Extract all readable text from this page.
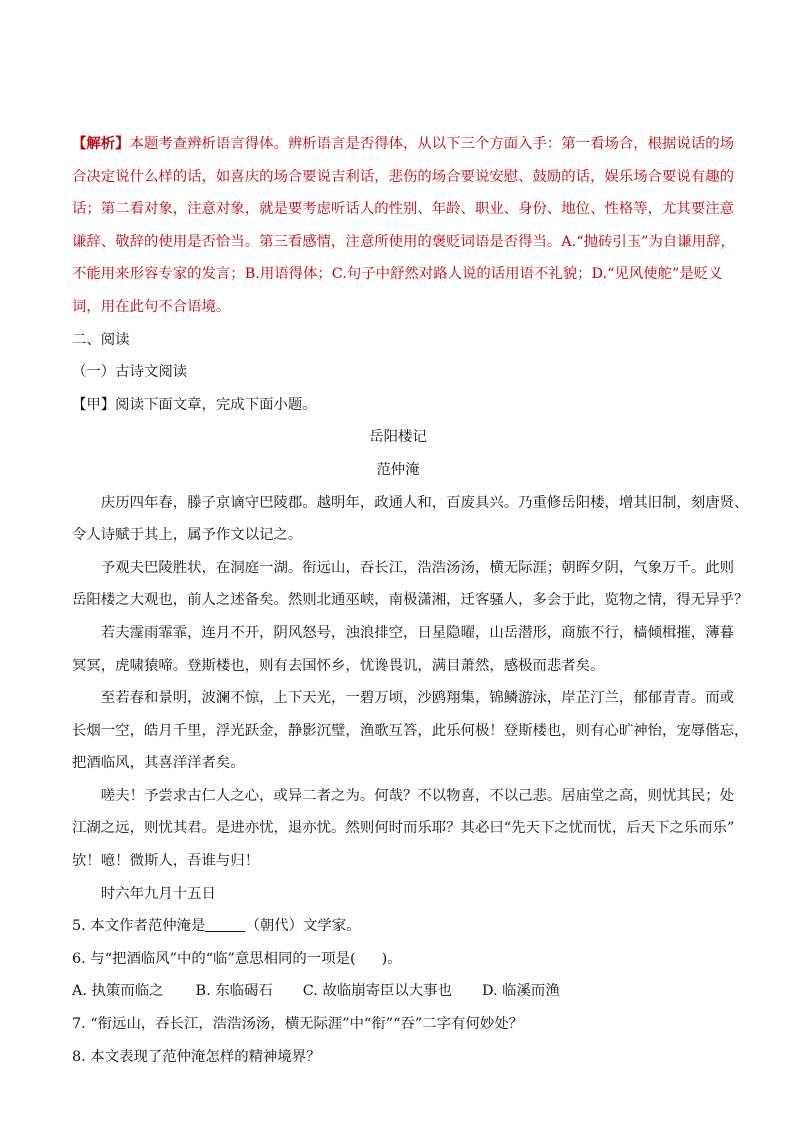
【解析】本题考查辨析语言得体。辨析语言是否得体，从以下三个方面入手：第一看场合，根据说话的场

合决定说什么样的话，如喜庆的场合要说吉利话，悲伤的场合要说安慰、鼓励的话，娱乐场合要说有趣的

话；第二看对象，注意对象，就是要考虑听话人的性别、年龄、职业、身份、地位、性格等，尤其要注意

谦辞、敬辞的使用是否恰当。第三看感情，注意所使用的褒贬词语是否得当。A.“抛砖引玉”为自谦用辞，

不能用来形容专家的发言；B.用语得体；C.句子中舒然对路人说的话用语不礼貌；D.“见风使舵”是贬义

词，用在此句不合语境。

二、阅读

（一）古诗文阅读

【甲】阅读下面文章，完成下面小题。

岳阳楼记

范仲淹

庆历四年春，滕子京谪守巴陵郡。越明年，政通人和，百废具兴。乃重修岳阳楼，增其旧制，刻唐贤、

令人诗赋于其上，属予作文以记之。

予观夫巴陵胜状，在洞庭一湖。衔远山，吞长江，浩浩汤汤，横无际涯；朝晖夕阴，气象万千。此则

岳阳楼之大观也，前人之述备矣。然则北通巫峡，南极潇湘，迁客骚人，多会于此，览物之情，得无异乎？

若夫霪雨霏霏，连月不开，阴风怒号，浊浪排空，日星隐曜，山岳潜形，商旅不行，樯倾楫摧，薄暮

冥冥，虎啸猿啼。登斯楼也，则有去国怀乡，忧谗畏讥，满目萧然，感极而悲者矣。

至若春和景明，波澜不惊，上下天光，一碧万顷，沙鸥翔集，锦鳞游泳，岸芷汀兰，郁郁青青。而或

长烟一空，皓月千里，浮光跃金，静影沉璧，渔歌互答，此乐何极！登斯楼也，则有心旷神怡，宠辱偕忘，

把酒临风，其喜洋洋者矣。

嗟夫！予尝求古仁人之心，或异二者之为。何哉？不以物喜，不以己悲。居庙堂之高，则忧其民；处

江湖之远，则忧其君。是进亦忧，退亦忧。然则何时而乐耶？其必曰“先天下之忧而忧，后天下之乐而乐”

欤！噫！微斯人，吾谁与归！

时六年九月十五日

5. 本文作者范仲淹是	（朝代）文学家。

6. 与“把酒临风”中的“临”意思相同的一项是( )。

A. 执策而临之 B. 东临碣石 C. 故临崩寄臣以大事也 D. 临溪而渔

7. “衔远山，吞长江，浩浩汤汤，横无际涯”中“衔”“吞”二字有何妙处？

8. 本文表现了范仲淹怎样的精神境界？
